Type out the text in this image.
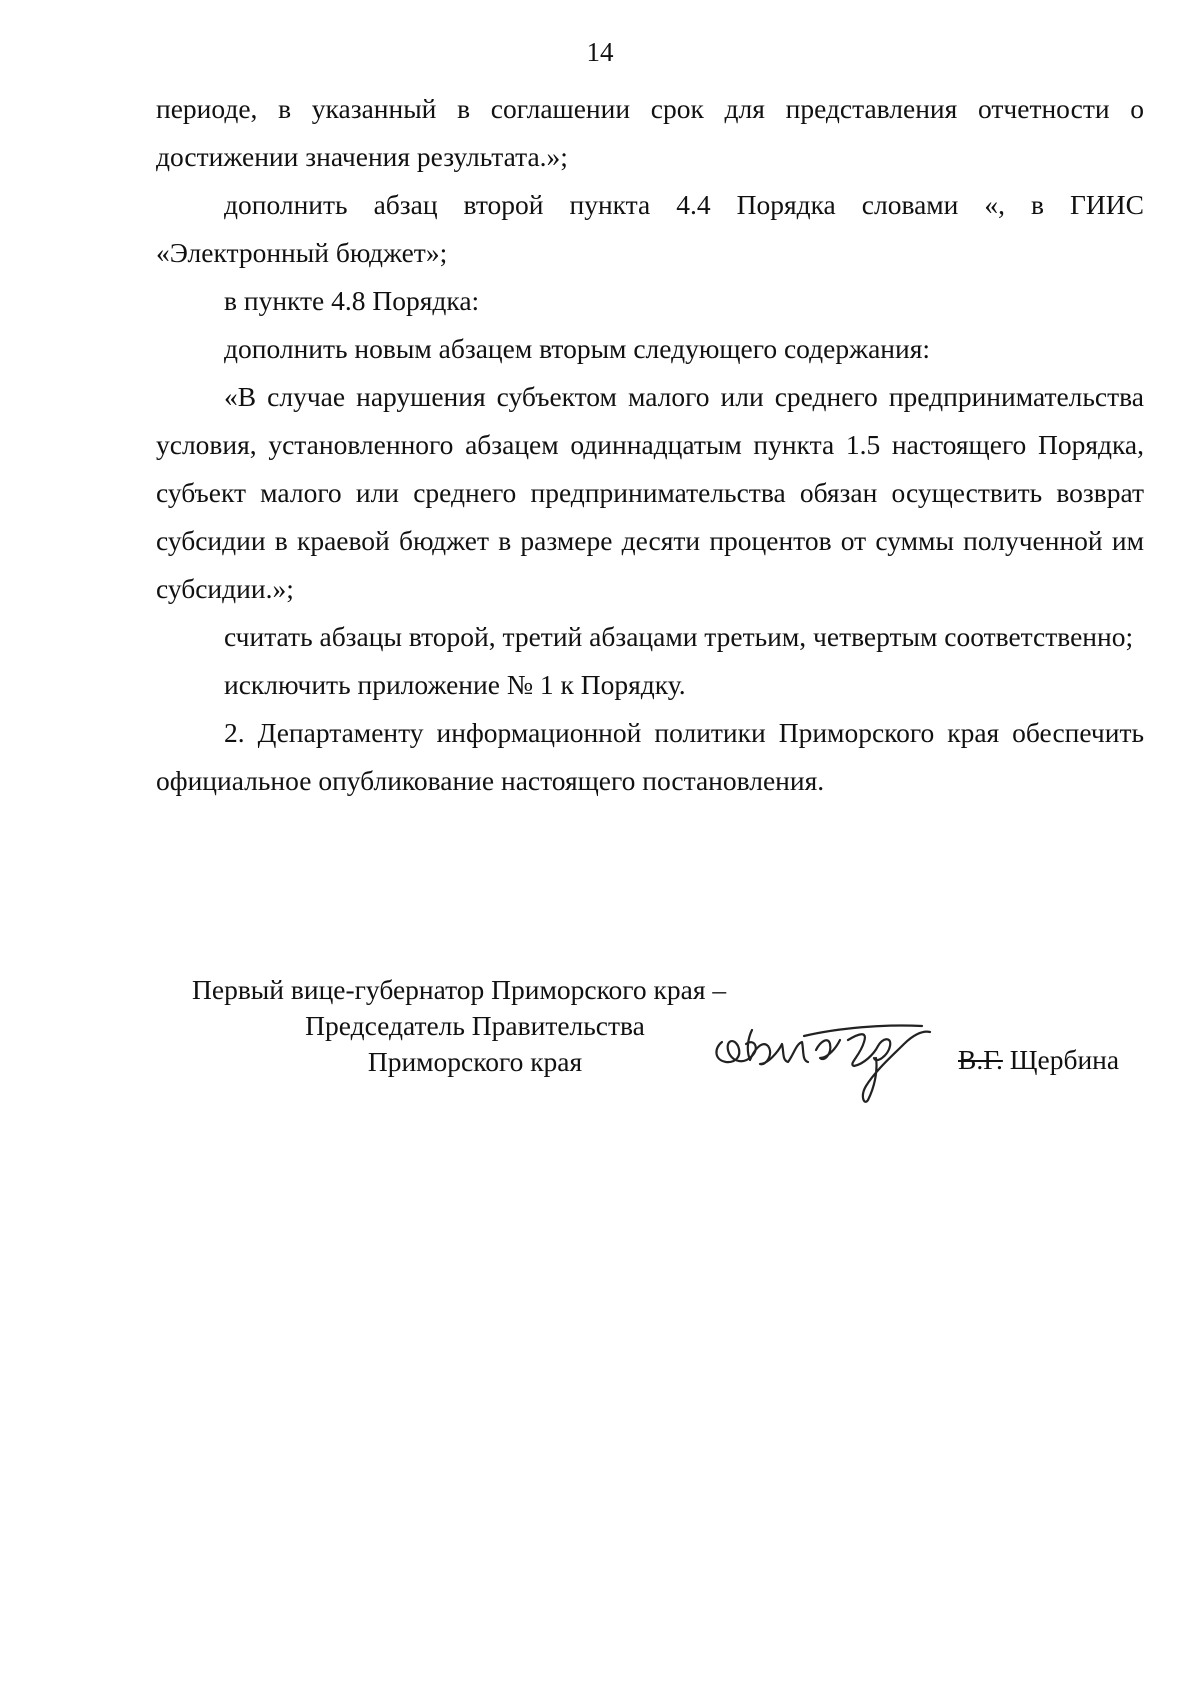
14

периоде, в указанный в соглашении срок для представления отчетности о достижении значения результата.»;

дополнить абзац второй пункта 4.4 Порядка словами «, в ГИИС «Электронный бюджет»;

в пункте 4.8 Порядка:

дополнить новым абзацем вторым следующего содержания:

«В случае нарушения субъектом малого или среднего предпринимательства условия, установленного абзацем одиннадцатым пункта 1.5 настоящего Порядка, субъект малого или среднего предпринимательства обязан осуществить возврат субсидии в краевой бюджет в размере десяти процентов от суммы полученной им субсидии.»;

считать абзацы второй, третий абзацами третьим, четвертым соответственно;

исключить приложение № 1 к Порядку.

2. Департаменту информационной политики Приморского края обеспечить официальное опубликование настоящего постановления.

Первый вице-губернатор Приморского края –
Председатель Правительства
Приморского края	В.Г. Щербина
